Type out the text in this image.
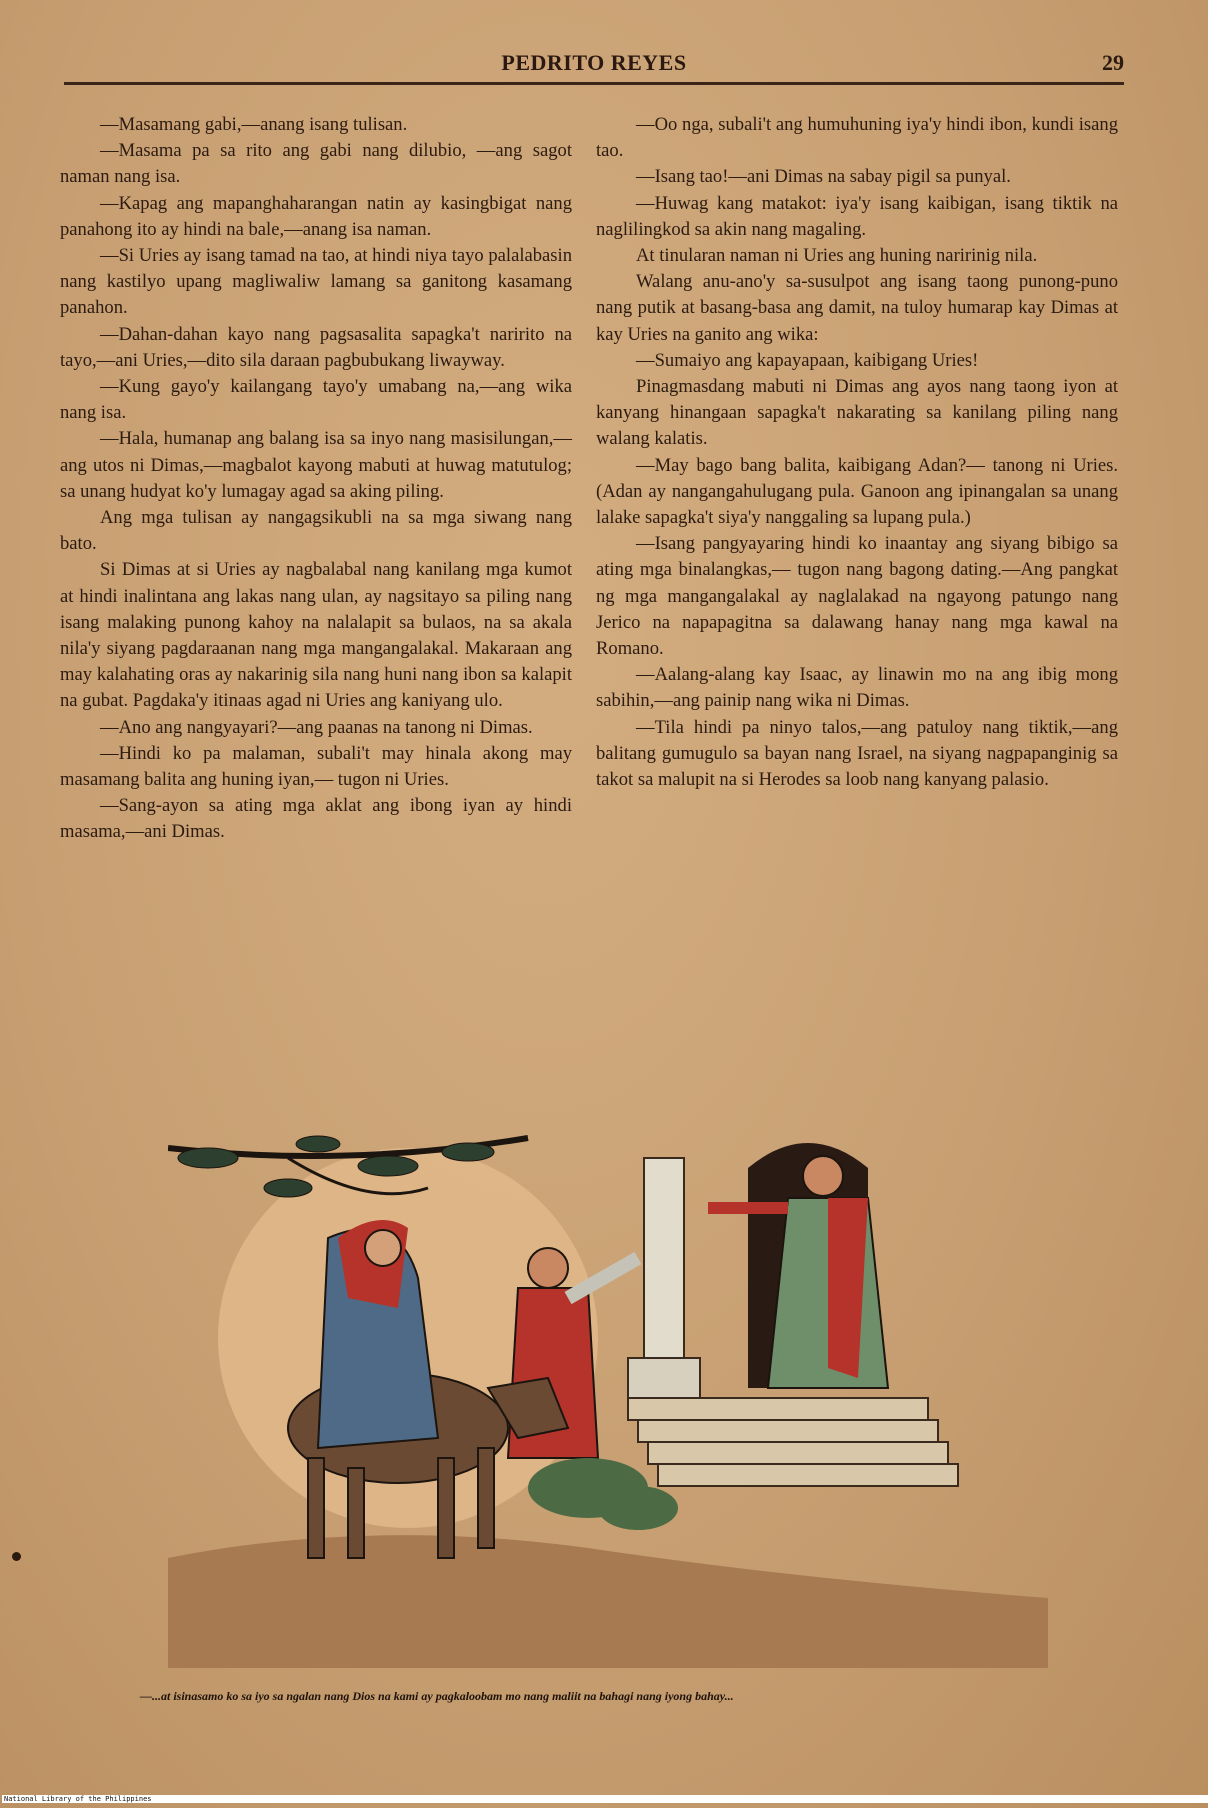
PEDRITO REYES	29

—Masamang gabi,—anang isang tulisan.

—Masama pa sa rito ang gabi nang dilubio, —ang sagot naman nang isa.

—Kapag ang mapanghaharangan natin ay kasingbigat nang panahong ito ay hindi na bale,—anang isa naman.

—Si Uries ay isang tamad na tao, at hindi niya tayo palalabasin nang kastilyo upang magliwaliw lamang sa ganitong kasamang panahon.

—Dahan-dahan kayo nang pagsasalita sapagka't naririto na tayo,—ani Uries,—dito sila daraan pagbubukang liwayway.

—Kung gayo'y kailangang tayo'y umabang na,—ang wika nang isa.

—Hala, humanap ang balang isa sa inyo nang masisilungan,—ang utos ni Dimas,—magbalot kayong mabuti at huwag matutulog; sa unang hudyat ko'y lumagay agad sa aking piling.

Ang mga tulisan ay nangagsikubli na sa mga siwang nang bato.

Si Dimas at si Uries ay nagbalabal nang kanilang mga kumot at hindi inalintana ang lakas nang ulan, ay nagsitayo sa piling nang isang malaking punong kahoy na nalalapit sa bulaos, na sa akala nila'y siyang pagdaraanan nang mga mangangalakal. Makaraan ang may kalahating oras ay nakarinig sila nang huni nang ibon sa kalapit na gubat. Pagdaka'y itinaas agad ni Uries ang kaniyang ulo.

—Ano ang nangyayari?—ang paanas na tanong ni Dimas.

—Hindi ko pa malaman, subali't may hinala akong may masamang balita ang huning iyan,— tugon ni Uries.

—Sang-ayon sa ating mga aklat ang ibong iyan ay hindi masama,—ani Dimas.

—Oo nga, subali't ang humuhuning iya'y hindi ibon, kundi isang tao.

—Isang tao!—ani Dimas na sabay pigil sa punyal.

—Huwag kang matakot: iya'y isang kaibigan, isang tiktik na naglilingkod sa akin nang magaling.

At tinularan naman ni Uries ang huning naririnig nila.

Walang anu-ano'y sa-susulpot ang isang taong punong-puno nang putik at basang-basa ang damit, na tuloy humarap kay Dimas at kay Uries na ganito ang wika:

—Sumaiyo ang kapayapaan, kaibigang Uries!

Pinagmasdang mabuti ni Dimas ang ayos nang taong iyon at kanyang hinangaan sapagka't nakarating sa kanilang piling nang walang kalatis.

—May bago bang balita, kaibigang Adan?— tanong ni Uries. (Adan ay nangangahulugang pula. Ganoon ang ipinangalan sa unang lalake sapagka't siya'y nanggaling sa lupang pula.)

—Isang pangyayaring hindi ko inaantay ang siyang bibigo sa ating mga binalangkas,— tugon nang bagong dating.—Ang pangkat ng mga mangangalakal ay naglalakad na ngayong patungo nang Jerico na napapagitna sa dalawang hanay nang mga kawal na Romano.

—Aalang-alang kay Isaac, ay linawin mo na ang ibig mong sabihin,—ang painip nang wika ni Dimas.

—Tila hindi pa ninyo talos,—ang patuloy nang tiktik,—ang balitang gumugulo sa bayan nang Israel, na siyang nagpapanginig sa takot sa malupit na si Herodes sa loob nang kanyang palasio.

—...at isinasamo ko sa iyo sa ngalan nang Dios na kami ay pagkaloobam mo nang maliit na bahagi nang iyong bahay...
National Library of the Philippines
